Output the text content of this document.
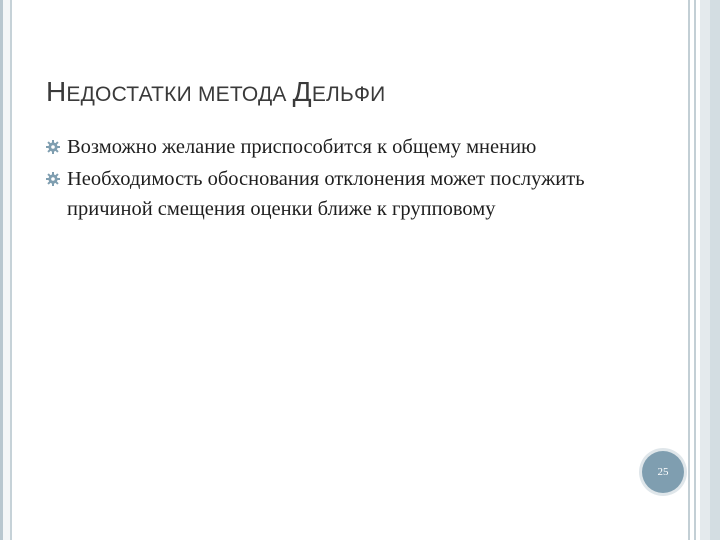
НЕДОСТАТКИ МЕТОДА ДЕЛЬФИ
Возможно желание приспособится к общему мнению
Необходимость обоснования отклонения может послужить причиной смещения оценки ближе к групповому
25
